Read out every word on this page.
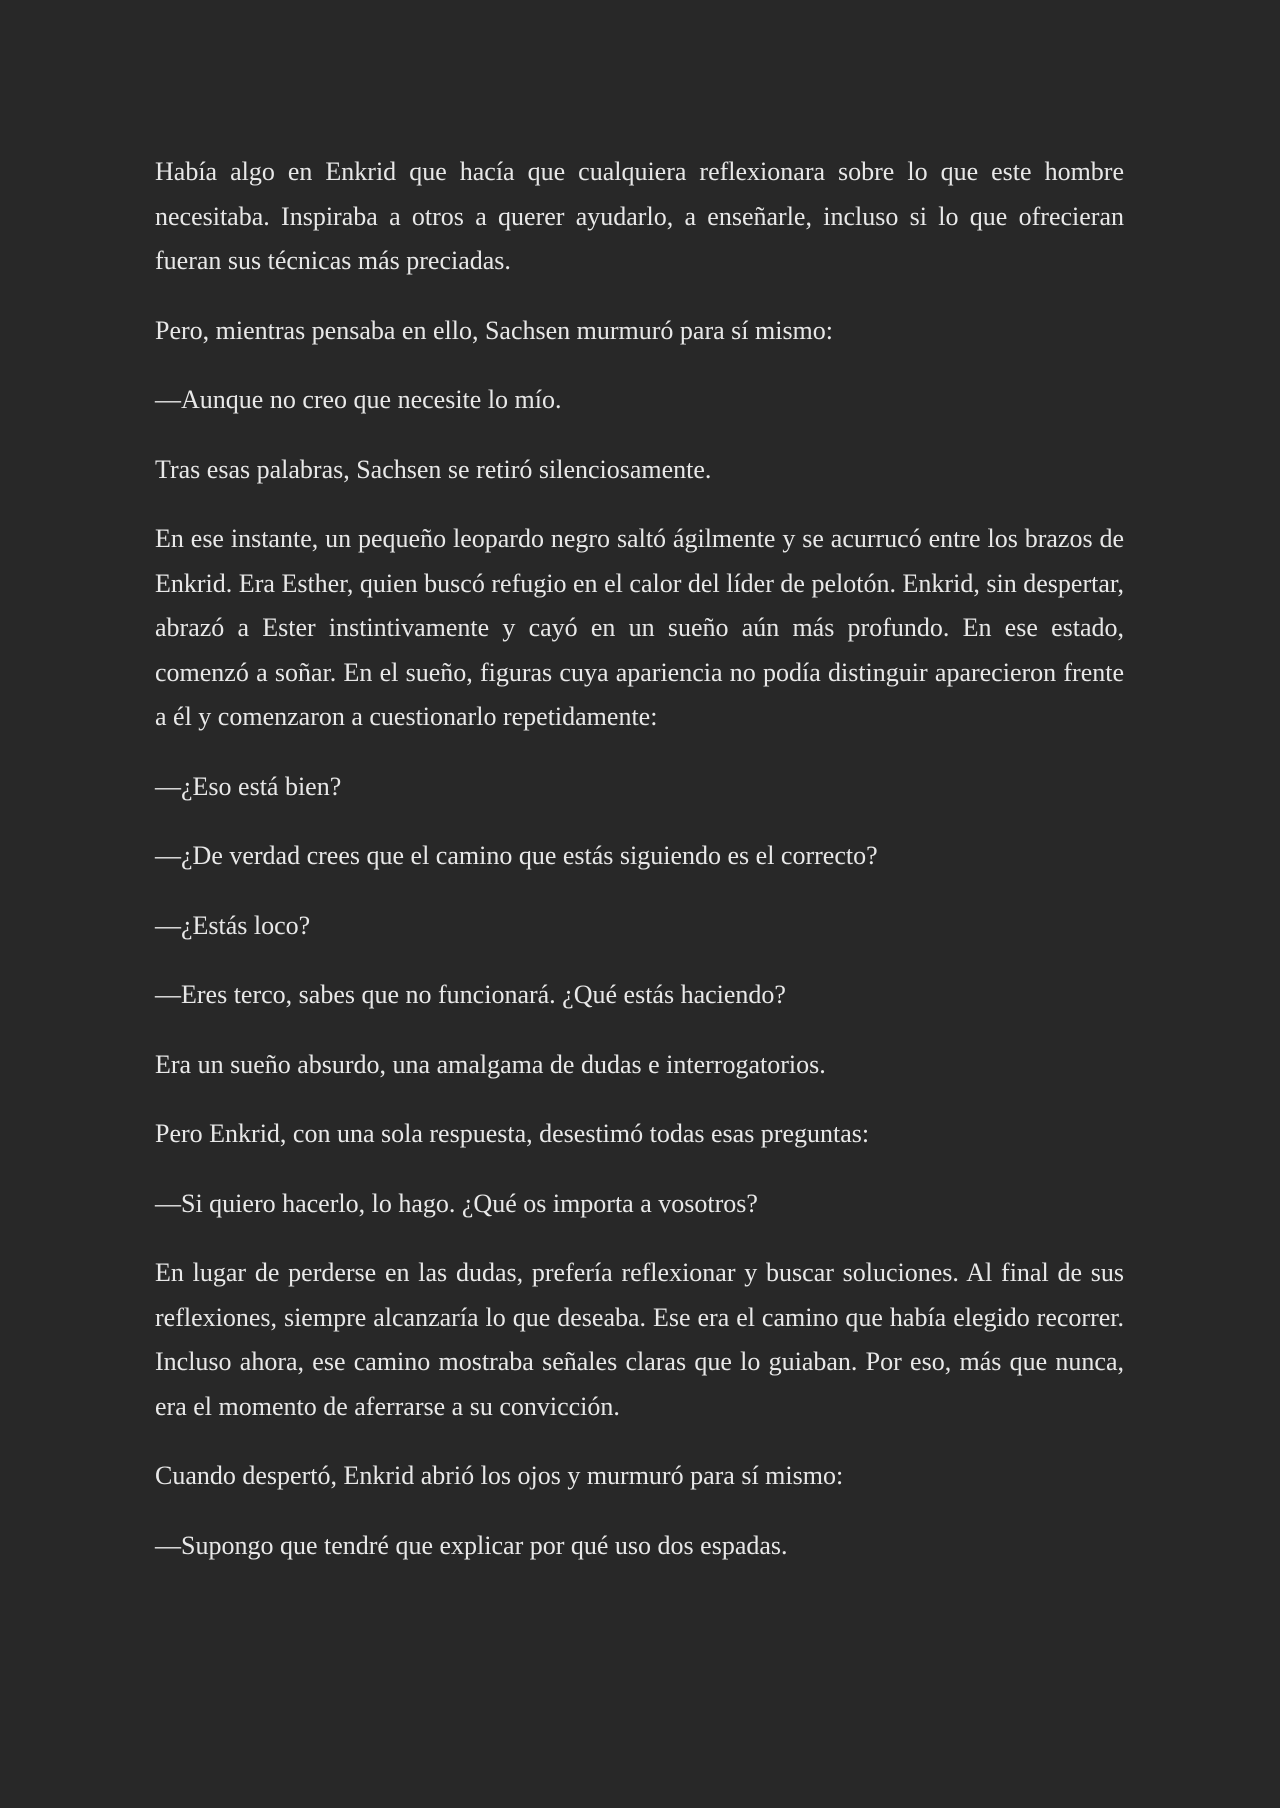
Había algo en Enkrid que hacía que cualquiera reflexionara sobre lo que este hombre necesitaba. Inspiraba a otros a querer ayudarlo, a enseñarle, incluso si lo que ofrecieran fueran sus técnicas más preciadas.

Pero, mientras pensaba en ello, Sachsen murmuró para sí mismo:

—Aunque no creo que necesite lo mío.

Tras esas palabras, Sachsen se retiró silenciosamente.

En ese instante, un pequeño leopardo negro saltó ágilmente y se acurrucó entre los brazos de Enkrid. Era Esther, quien buscó refugio en el calor del líder de pelotón. Enkrid, sin despertar, abrazó a Ester instintivamente y cayó en un sueño aún más profundo. En ese estado, comenzó a soñar. En el sueño, figuras cuya apariencia no podía distinguir aparecieron frente a él y comenzaron a cuestionarlo repetidamente:

—¿Eso está bien?

—¿De verdad crees que el camino que estás siguiendo es el correcto?

—¿Estás loco?

—Eres terco, sabes que no funcionará. ¿Qué estás haciendo?

Era un sueño absurdo, una amalgama de dudas e interrogatorios.

Pero Enkrid, con una sola respuesta, desestimó todas esas preguntas:

—Si quiero hacerlo, lo hago. ¿Qué os importa a vosotros?

En lugar de perderse en las dudas, prefería reflexionar y buscar soluciones. Al final de sus reflexiones, siempre alcanzaría lo que deseaba. Ese era el camino que había elegido recorrer. Incluso ahora, ese camino mostraba señales claras que lo guiaban. Por eso, más que nunca, era el momento de aferrarse a su convicción.

Cuando despertó, Enkrid abrió los ojos y murmuró para sí mismo:

—Supongo que tendré que explicar por qué uso dos espadas.
